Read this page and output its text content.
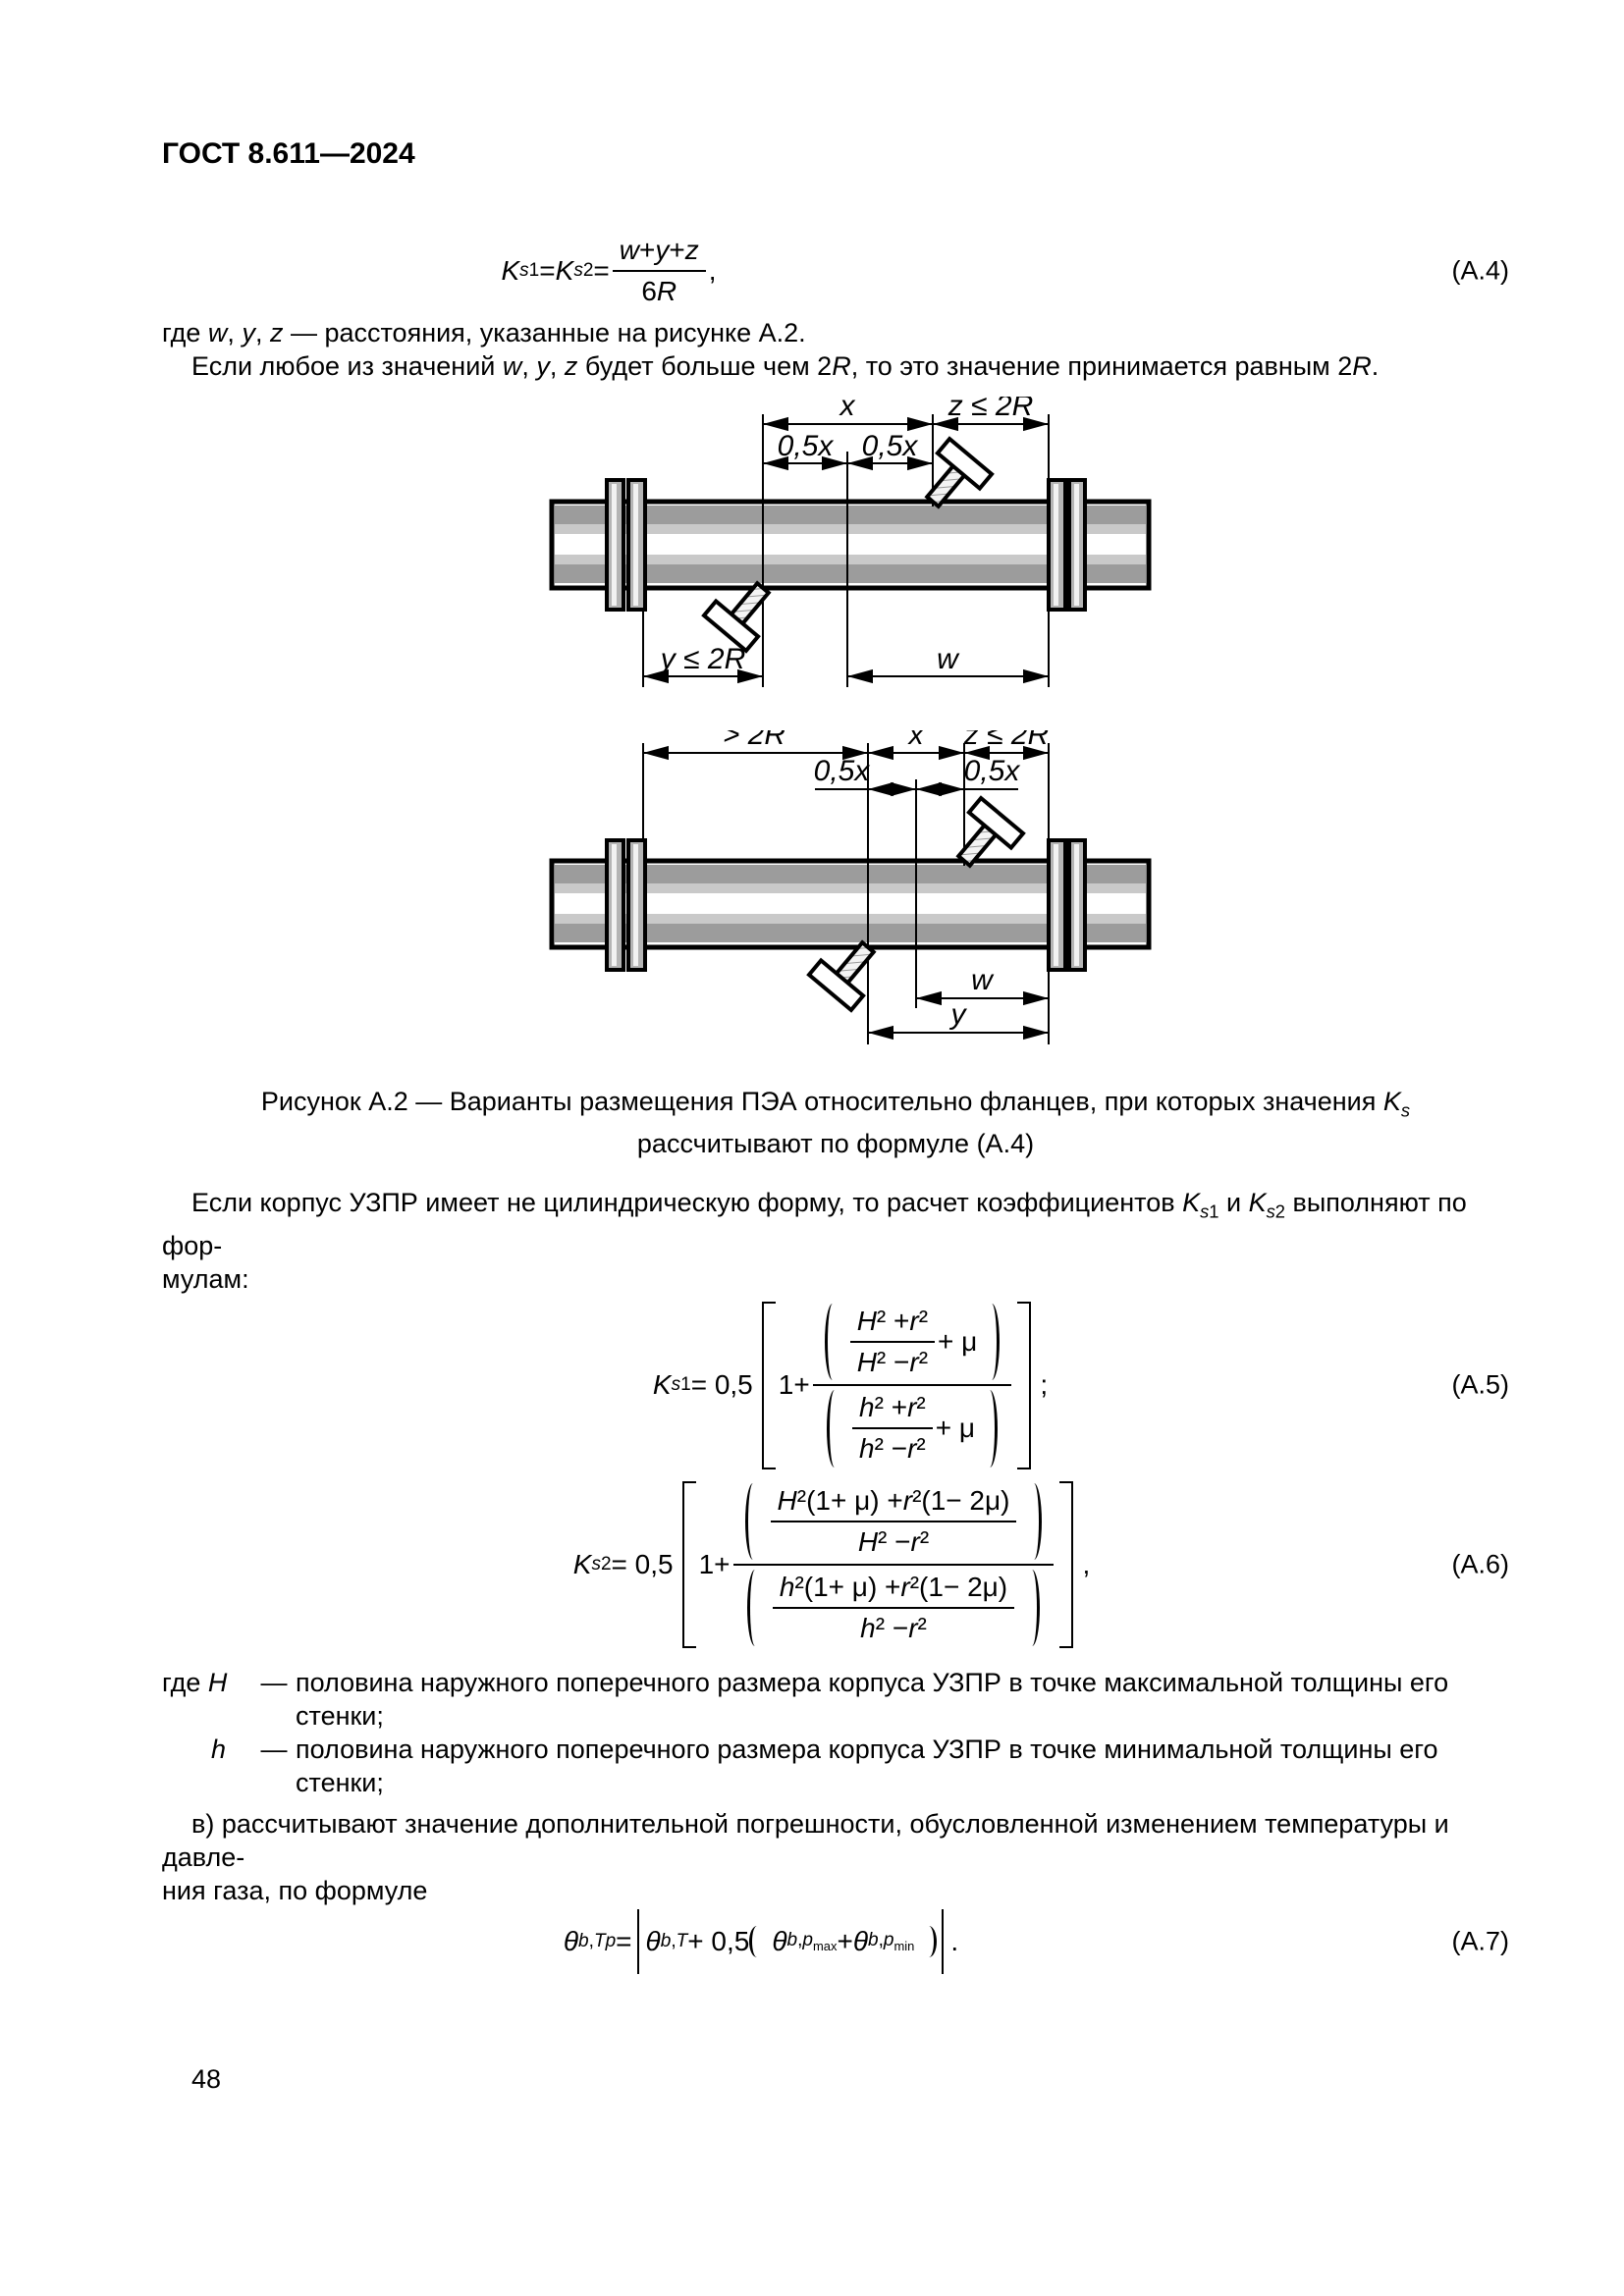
ГОСТ 8.611—2024
K s1 = K $s2 = \frac{w + y + z}{6 R}$ ,	(А.4)

где w, y, z — расстояния, указанные на рисунке А.2.

Если любое из значений w, y, z будет больше чем 2R, то это значение принимается равным 2R.

x	z ≤ 2R
0,5x 0,5x
y ≤ 2R	w
> 2R	x z ≤ 2R
0,5x	0,5x
w
y
Рисунок А.2 — Варианты размещения ПЭА относительно фланцев, при которых значения $K_s$ рассчитывают по формуле (А.4)

Если корпус УЗПР имеет не цилиндрическую форму, то расчет коэффициентов $K_{s1}$ и $K_{s2}$ выполняют по фор-
мулам:

K s1 = 0,5 $1+ \frac{\frac{\text{H ² + r ²}}{\text{H ² − r ²}} + \mu}{\frac{\text{h ² + r ²}}{\text{h ² − r ²}} + \mu}$ ;	(А.5)
K s2 = 0,5 $1+ \frac{\frac{\text{H ²(1+ μ) + r ²(1− 2μ)}}{\text{H ² − r ²}}}{\frac{\text{h ²(1+ μ) + r ²(1− 2μ)}}{\text{h ² − r ²}}}$ ,	(А.6)
где H	— половина наружного поперечного размера корпуса УЗПР в точке максимальной толщины его стенки;
h	— половина наружного поперечного размера корпуса УЗПР в точке минимальной толщины его стенки;

в) рассчитывают значение дополнительной погрешности, обусловленной изменением температуры и давле-
ния газа, по формуле

θ b,Tp = θ b,T + 0,5 θ $b,p_{max} + \theta$ $b,p_{min}$ .	(А.7)
48
